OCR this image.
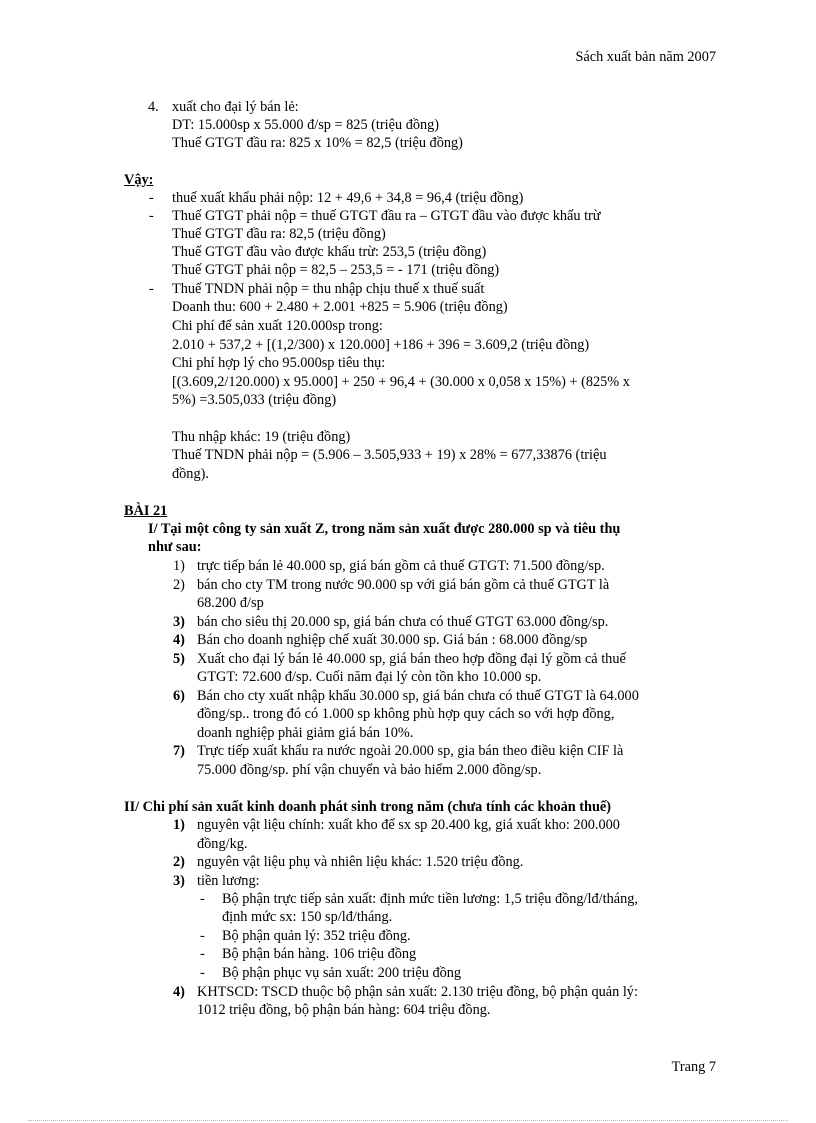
Sách xuất bản năm 2007
4. xuất cho đại lý bán lẻ:
DT: 15.000sp x 55.000 đ/sp = 825 (triệu đồng)
Thuế GTGT đầu ra: 825 x 10% = 82,5 (triệu đồng)
Vậy:
- thuế xuất khẩu phải nộp: 12 + 49,6 + 34,8 = 96,4 (triệu đồng)
- Thuế GTGT phải nộp = thuế GTGT đầu ra – GTGT đầu vào được khấu trừ
Thuế GTGT đầu ra: 82,5 (triệu đồng)
Thuế GTGT đầu vào được khấu trừ: 253,5 (triệu đồng)
Thuế GTGT phải nộp = 82,5 – 253,5 = - 171 (triệu đồng)
- Thuế TNDN phải nộp = thu nhập chịu thuế x thuế suất
Doanh thu: 600 + 2.480 + 2.001 +825 = 5.906 (triệu đồng)
Chi phí để sản xuất 120.000sp trong:
2.010 + 537,2 + [(1,2/300) x 120.000] +186 + 396 = 3.609,2 (triệu đồng)
Chi phí hợp lý cho 95.000sp tiêu thụ:
[(3.609,2/120.000) x 95.000] + 250 + 96,4 + (30.000 x 0,058 x 15%) + (825% x
5%) =3.505,033 (triệu đồng)
Thu nhập khác: 19 (triệu đồng)
Thuế TNDN phải nộp = (5.906 – 3.505,933 + 19) x 28% = 677,33876 (triệu
đồng).
BÀI 21
I/ Tại một công ty sản xuất Z, trong năm sản xuất được 280.000 sp và tiêu thụ
như sau:
1) trực tiếp bán lẻ 40.000 sp, giá bán gồm cả thuế GTGT: 71.500 đồng/sp.
2) bán cho cty TM trong nước 90.000 sp với giá bán gồm cả thuế GTGT là
68.200 đ/sp
3) bán cho siêu thị 20.000 sp, giá bán chưa có thuế GTGT 63.000 đồng/sp.
4) Bán cho doanh nghiệp chế xuất 30.000 sp. Giá bán : 68.000 đồng/sp
5) Xuất cho đại lý bán lẻ 40.000 sp, giá bán theo hợp đồng đại lý gồm cả thuế
GTGT: 72.600 đ/sp. Cuối năm đại lý còn tồn kho 10.000 sp.
6) Bán cho cty xuất nhập khẩu 30.000 sp, giá bán chưa có thuế GTGT là 64.000
đồng/sp.. trong đó có 1.000 sp không phù hợp quy cách so với hợp đồng,
doanh nghiệp phải giảm giá bán 10%.
7) Trực tiếp xuất khẩu ra nước ngoài 20.000 sp, gia bán theo điều kiện CIF là
75.000 đồng/sp. phí vận chuyển và bảo hiểm 2.000 đồng/sp.
II/ Chi phí sản xuất kinh doanh phát sinh trong năm (chưa tính các khoản thuế)
1) nguyên vật liệu chính: xuất kho để sx sp 20.400 kg, giá xuất kho: 200.000
đồng/kg.
2) nguyên vật liệu phụ và nhiên liệu khác: 1.520 triệu đồng.
3) tiền lương:
- Bộ phận trực tiếp sản xuất: định mức tiền lương: 1,5 triệu đồng/lđ/tháng,
định mức sx: 150 sp/lđ/tháng.
- Bộ phận quản lý: 352 triệu đồng.
- Bộ phận bán hàng. 106 triệu đồng
- Bộ phận phục vụ sản xuất: 200 triệu đồng
4) KHTSCD: TSCD thuộc bộ phận sản xuất: 2.130 triệu đồng, bộ phận quản lý:
1012 triệu đồng, bộ phận bán hàng: 604 triệu đồng.
Trang 7
